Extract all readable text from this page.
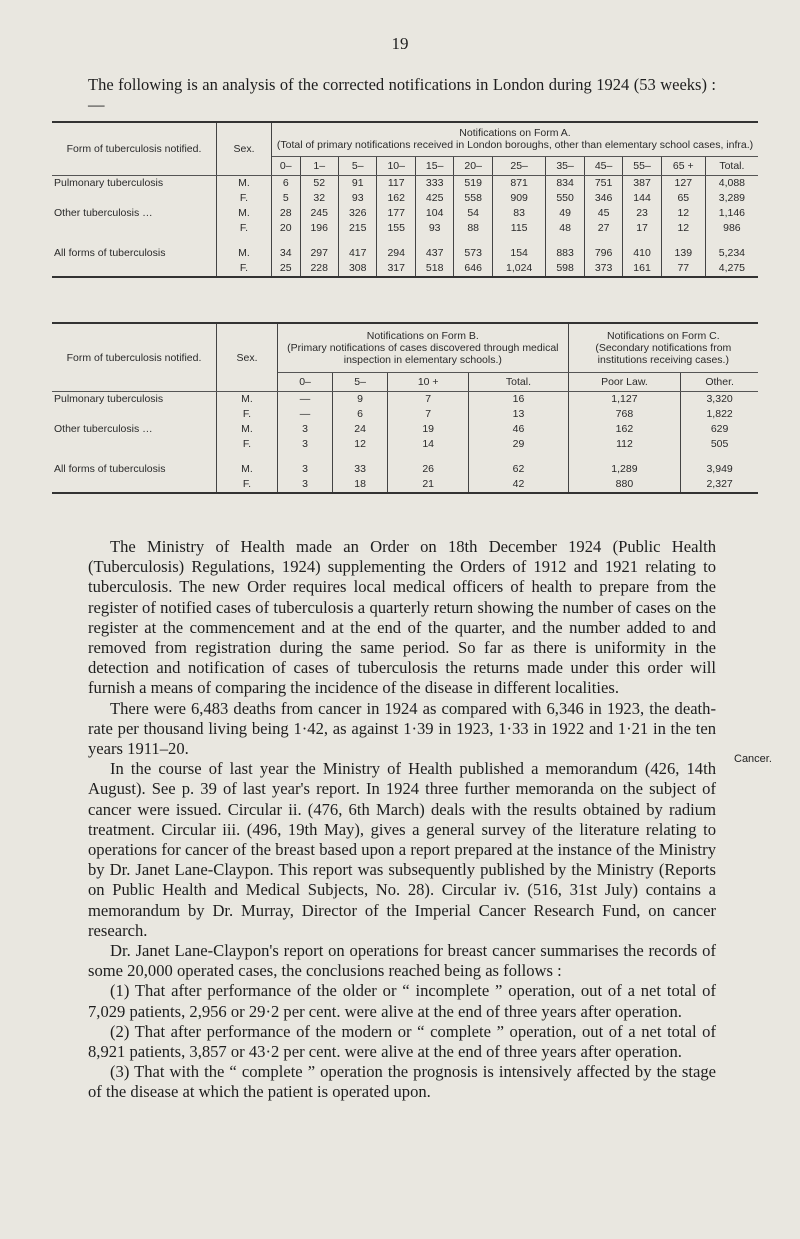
19
The following is an analysis of the corrected notifications in London during 1924 (53 weeks) :—
Form of tuberculosis notified.	Sex.	Notifications on Form A.
(Total of primary notifications received in London boroughs, other than elementary school cases, infra.)											
		0–	1–	5–	10–	15–	20–	25–	35–	45–	55–	65 +	Total.
Pulmonary tuberculosis	M.	6	52	91	117	333	519	871	834	751	387	127	4,088
	F.	5	32	93	162	425	558	909	550	346	144	65	3,289
Other tuberculosis …	M.	28	245	326	177	104	54	83	49	45	23	12	1,146
	F.	20	196	215	155	93	88	115	48	27	17	12	986

All forms of tuberculosis	M.	34	297	417	294	437	573	154	883	796	410	139	5,234
	F.	25	228	308	317	518	646	1,024	598	373	161	77	4,275
Form of tuberculosis notified.	Sex.	Notifications on Form B.
(Primary notifications of cases discovered through medical inspection in elementary schools.)				Notifications on Form C.
(Secondary notifications from institutions receiving cases.)	
		0–	5–	10 +	Total.	Poor Law.	Other.
Pulmonary tuberculosis	M.	—	9	7	16	1,127	3,320
	F.	—	6	7	13	768	1,822
Other tuberculosis …	M.	3	24	19	46	162	629
	F.	3	12	14	29	112	505

All forms of tuberculosis	M.	3	33	26	62	1,289	3,949
	F.	3	18	21	42	880	2,327
Cancer.

The Ministry of Health made an Order on 18th December 1924 (Public Health (Tuberculosis) Regulations, 1924) supplementing the Orders of 1912 and 1921 relating to tuberculosis. The new Order requires local medical officers of health to prepare from the register of notified cases of tuberculosis a quarterly return showing the number of cases on the register at the commencement and at the end of the quarter, and the number added to and removed from registration during the same period. So far as there is uniformity in the detection and notification of cases of tuberculosis the returns made under this order will furnish a means of comparing the incidence of the disease in different localities.

There were 6,483 deaths from cancer in 1924 as compared with 6,346 in 1923, the death-rate per thousand living being 1·42, as against 1·39 in 1923, 1·33 in 1922 and 1·21 in the ten years 1911–20.

In the course of last year the Ministry of Health published a memorandum (426, 14th August). See p. 39 of last year's report. In 1924 three further memoranda on the subject of cancer were issued. Circular ii. (476, 6th March) deals with the results obtained by radium treatment. Circular iii. (496, 19th May), gives a general survey of the literature relating to operations for cancer of the breast based upon a report prepared at the instance of the Ministry by Dr. Janet Lane-Claypon. This report was subsequently published by the Ministry (Reports on Public Health and Medical Subjects, No. 28). Circular iv. (516, 31st July) contains a memorandum by Dr. Murray, Director of the Imperial Cancer Research Fund, on cancer research.

Dr. Janet Lane-Claypon's report on operations for breast cancer summarises the records of some 20,000 operated cases, the conclusions reached being as follows :

(1) That after performance of the older or “ incomplete ” operation, out of a net total of 7,029 patients, 2,956 or 29·2 per cent. were alive at the end of three years after operation.

(2) That after performance of the modern or “ complete ” operation, out of a net total of 8,921 patients, 3,857 or 43·2 per cent. were alive at the end of three years after operation.

(3) That with the “ complete ” operation the prognosis is intensively affected by the stage of the disease at which the patient is operated upon.
